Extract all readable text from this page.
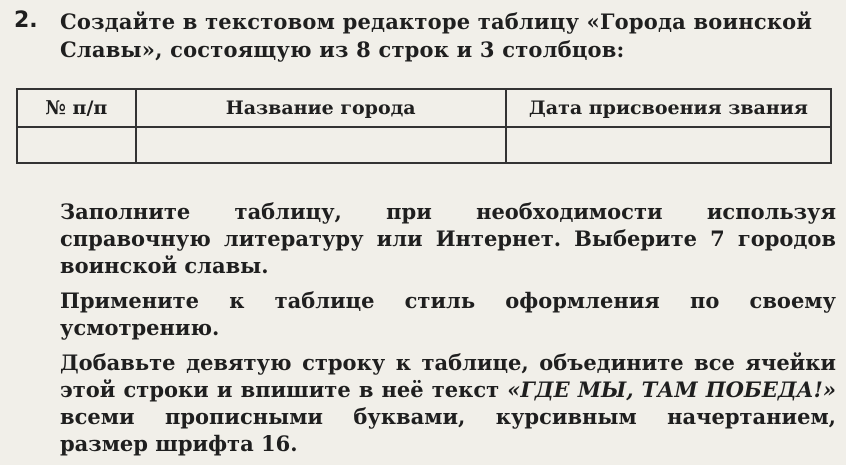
2. Создайте в текстовом редакторе таблицу «Города воинской Славы», состоящую из 8 строк и 3 столбцов:

№ п/п	Название города	Дата присвоения звания

Заполните таблицу, при необходимости используя справочную литературу или Интернет. Выберите 7 городов воинской славы.

Примените к таблице стиль оформления по своему усмотрению.

Добавьте девятую строку к таблице, объедините все ячейки этой строки и впишите в неё текст «ГДЕ МЫ, ТАМ ПОБЕДА!» всеми прописными буквами, курсивным начертанием, размер шрифта 16.
